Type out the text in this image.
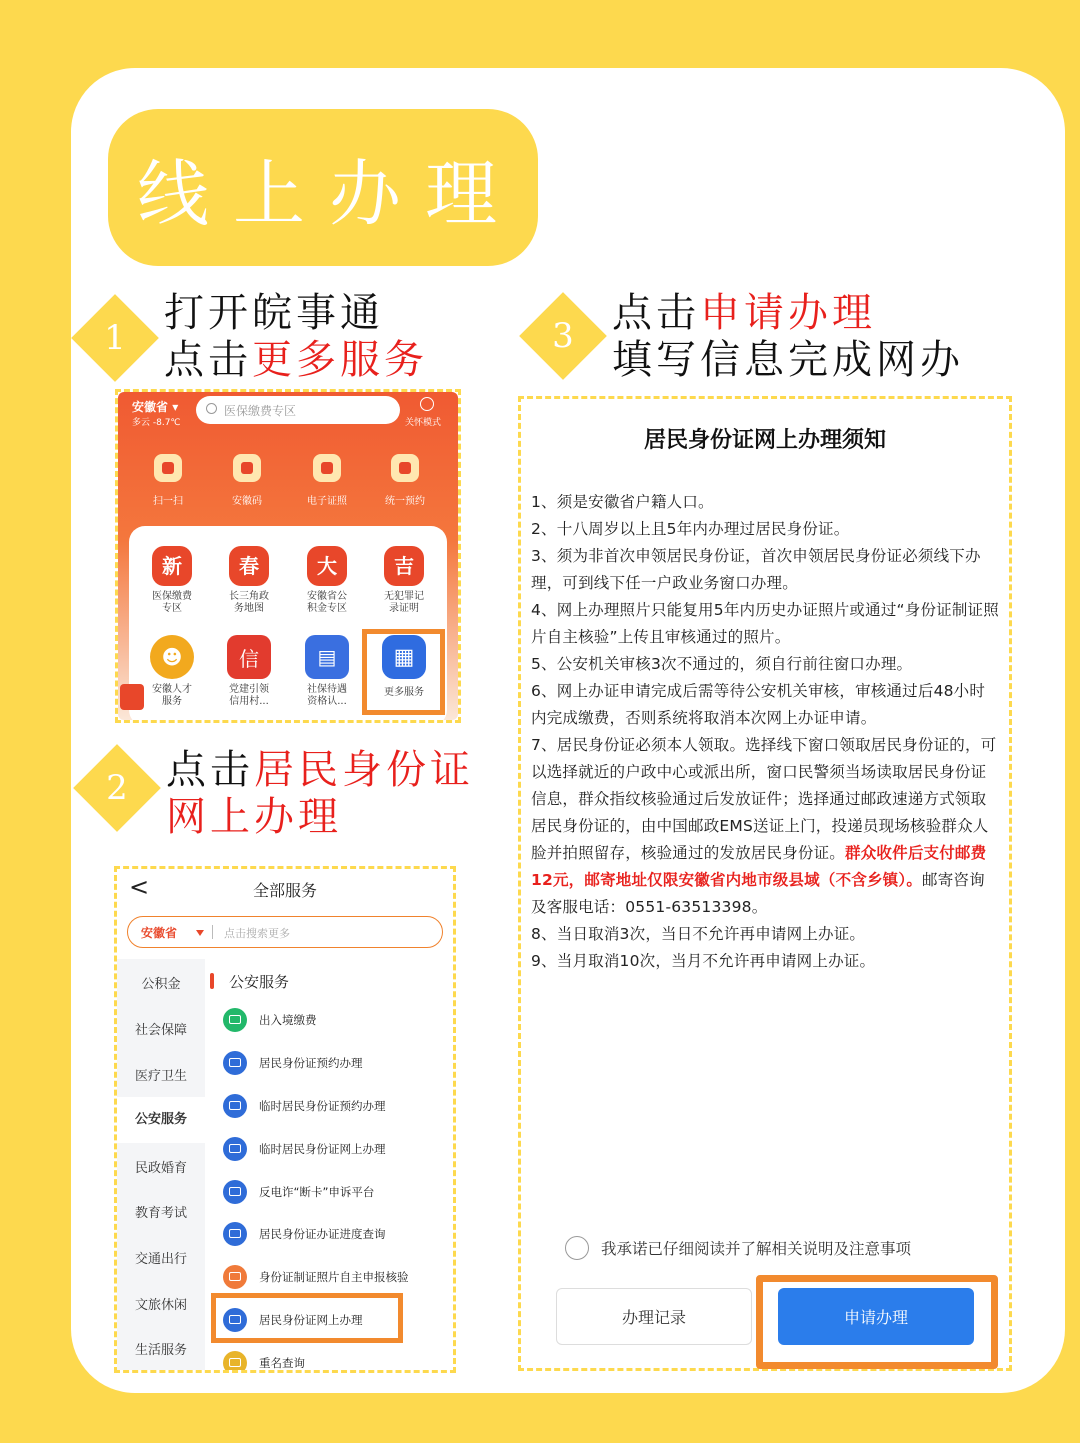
线上办理
1
打开皖事通
点击更多服务
3 点击申请办理
填写信息完成网办
2 点击居民身份证
网上办理
安徽省 ▾
多云 -8.7℃
医保缴费专区
关怀模式
扫一扫	安徽码	电子证照	统一预约
新
医保缴费
专区
春
长三角政
务地图
大
安徽省公
积金专区
吉
无犯罪记
录证明
☻
安徽人才
服务
信
党建引领
信用村...
▤
社保待遇
资格认...
▦
更多服务
<	全部服务
安徽省	点击搜索更多
公积金
社会保障
医疗卫生
公安服务
民政婚育
教育考试
交通出行
文旅休闲
生活服务
公安服务
出入境缴费
居民身份证预约办理
临时居民身份证预约办理
临时居民身份证网上办理
反电诈“断卡”申诉平台
居民身份证办证进度查询
身份证制证照片自主申报核验
居民身份证网上办理
重名查询
居民身份证网上办理须知

1、须是安徽省户籍人口。

2、十八周岁以上且5年内办理过居民身份证。

3、须为非首次申领居民身份证，首次申领居民身份证必须线下办理，可到线下任一户政业务窗口办理。

4、网上办理照片只能复用5年内历史办证照片或通过“身份证制证照片自主核验”上传且审核通过的照片。

5、公安机关审核3次不通过的，须自行前往窗口办理。

6、网上办证申请完成后需等待公安机关审核，审核通过后48小时内完成缴费，否则系统将取消本次网上办证申请。

7、居民身份证必须本人领取。选择线下窗口领取居民身份证的，可以选择就近的户政中心或派出所，窗口民警须当场读取居民身份证信息，群众指纹核验通过后发放证件；选择通过邮政速递方式领取居民身份证的，由中国邮政EMS送证上门，投递员现场核验群众人脸并拍照留存，核验通过的发放居民身份证。群众收件后支付邮费12元，邮寄地址仅限安徽省内地市级县域（不含乡镇）。邮寄咨询及客服电话：0551-63513398。

8、当日取消3次，当日不允许再申请网上办证。

9、当月取消10次，当月不允许再申请网上办证。

我承诺已仔细阅读并了解相关说明及注意事项
办理记录	申请办理
